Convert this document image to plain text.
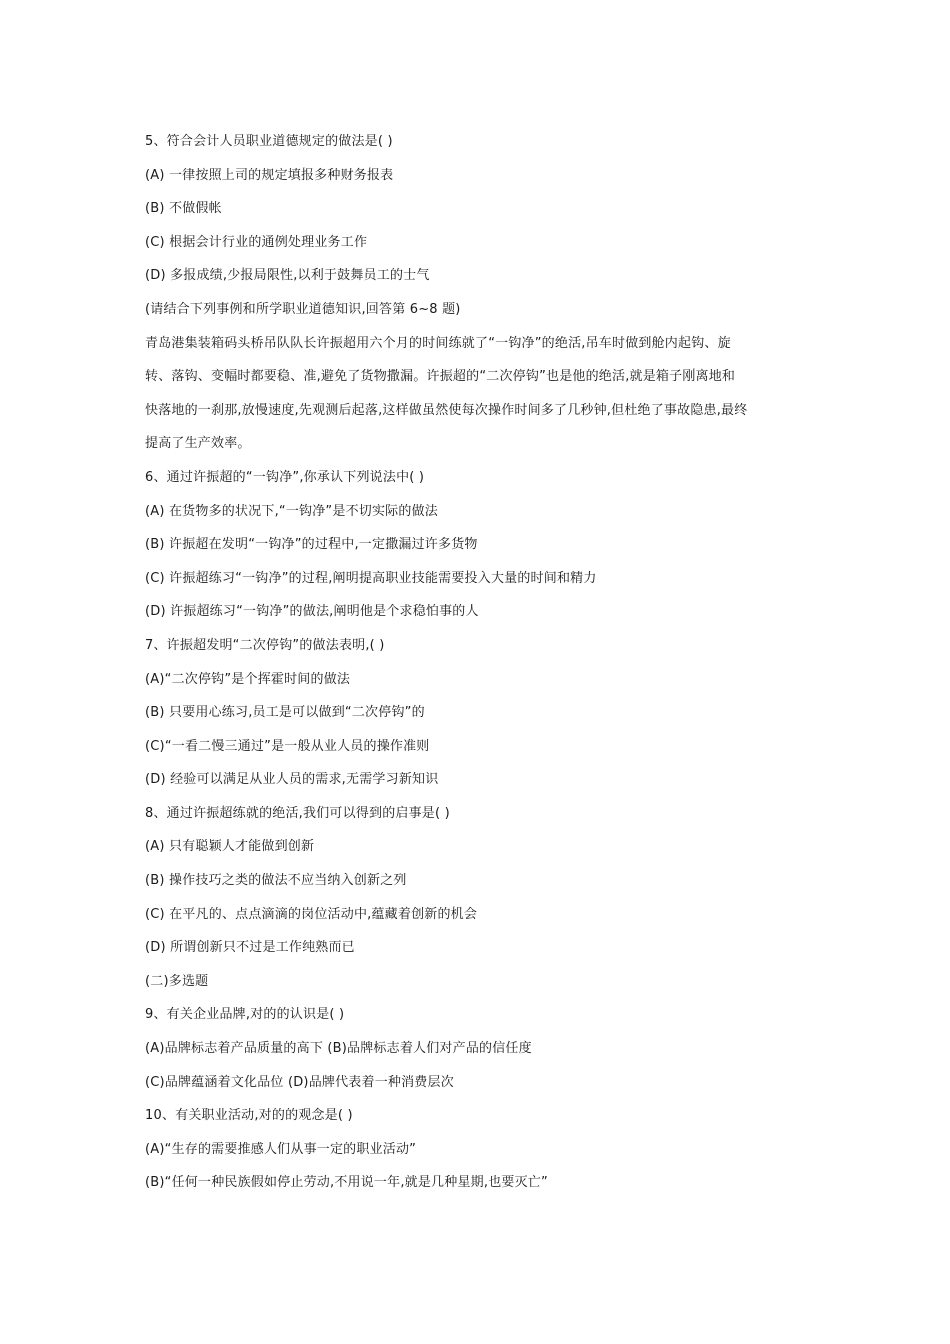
5、符合会计人员职业道德规定的做法是( )
(A) 一律按照上司的规定填报多种财务报表
(B) 不做假帐
(C) 根据会计行业的通例处理业务工作
(D) 多报成绩,少报局限性,以利于鼓舞员工的士气
(请结合下列事例和所学职业道德知识,回答第 6~8 题)
青岛港集装箱码头桥吊队队长许振超用六个月的时间练就了“一钩净”的绝活,吊车时做到舱内起钩、旋
转、落钩、变幅时都要稳、准,避免了货物撒漏。许振超的“二次停钩”也是他的绝活,就是箱子刚离地和
快落地的一刹那,放慢速度,先观测后起落,这样做虽然使每次操作时间多了几秒钟,但杜绝了事故隐患,最终
提高了生产效率。
6、通过许振超的“一钩净”,你承认下列说法中( )
(A) 在货物多的状况下,“一钩净”是不切实际的做法
(B) 许振超在发明“一钩净”的过程中,一定撒漏过许多货物
(C) 许振超练习“一钩净”的过程,阐明提高职业技能需要投入大量的时间和精力
(D) 许振超练习“一钩净”的做法,阐明他是个求稳怕事的人
7、许振超发明“二次停钩”的做法表明,( )
(A)“二次停钩”是个挥霍时间的做法
(B) 只要用心练习,员工是可以做到“二次停钩”的
(C)“一看二慢三通过”是一般从业人员的操作准则
(D) 经验可以满足从业人员的需求,无需学习新知识
8、通过许振超练就的绝活,我们可以得到的启事是( )
(A) 只有聪颖人才能做到创新
(B) 操作技巧之类的做法不应当纳入创新之列
(C) 在平凡的、点点滴滴的岗位活动中,蕴藏着创新的机会
(D) 所谓创新只不过是工作纯熟而已
(二)多选题
9、有关企业品牌,对的的认识是( )
(A)品牌标志着产品质量的高下 (B)品牌标志着人们对产品的信任度
(C)品牌蕴涵着文化品位 (D)品牌代表着一种消费层次
10、有关职业活动,对的的观念是( )
(A)“生存的需要推感人们从事一定的职业活动”
(B)“任何一种民族假如停止劳动,不用说一年,就是几种星期,也要灭亡”
